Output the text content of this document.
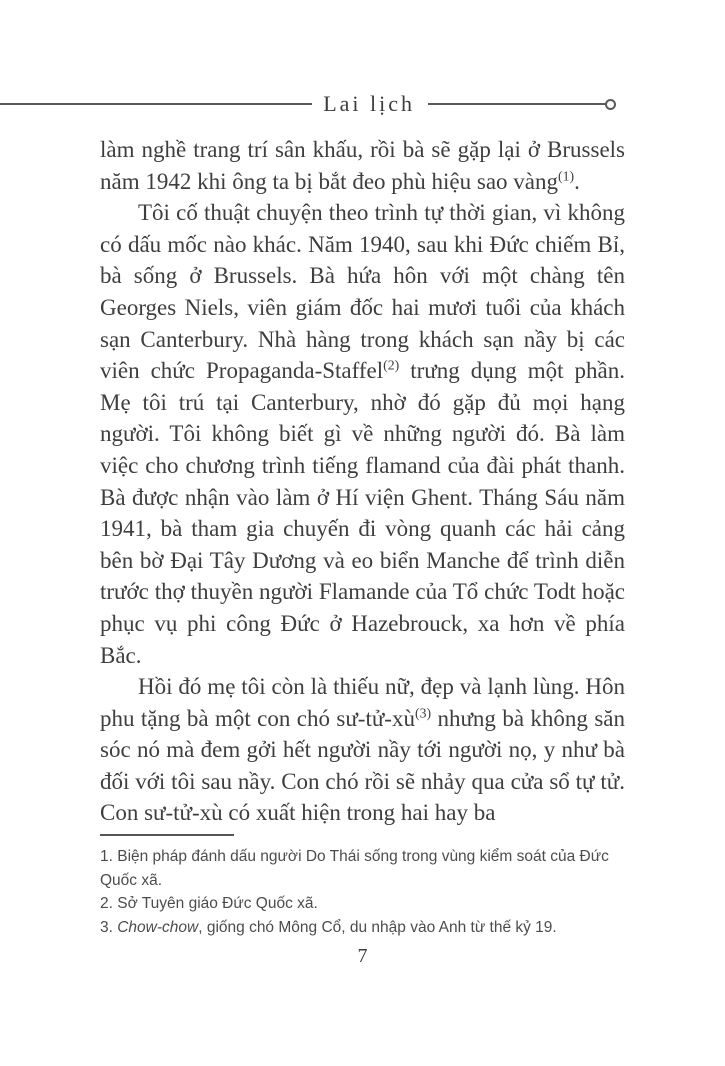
Lai lịch

làm nghề trang trí sân khấu, rồi bà sẽ gặp lại ở Brussels năm 1942 khi ông ta bị bắt đeo phù hiệu sao vàng$^{(1)}$.

Tôi cố thuật chuyện theo trình tự thời gian, vì không có dấu mốc nào khác. Năm 1940, sau khi Đức chiếm Bỉ, bà sống ở Brussels. Bà hứa hôn với một chàng tên Georges Niels, viên giám đốc hai mươi tuổi của khách sạn Canterbury. Nhà hàng trong khách sạn nầy bị các viên chức Propaganda-Staffel$^{(2)}$ trưng dụng một phần. Mẹ tôi trú tại Canterbury, nhờ đó gặp đủ mọi hạng người. Tôi không biết gì về những người đó. Bà làm việc cho chương trình tiếng flamand của đài phát thanh. Bà được nhận vào làm ở Hí viện Ghent. Tháng Sáu năm 1941, bà tham gia chuyến đi vòng quanh các hải cảng bên bờ Đại Tây Dương và eo biển Manche để trình diễn trước thợ thuyền người Flamande của Tổ chức Todt hoặc phục vụ phi công Đức ở Hazebrouck, xa hơn về phía Bắc.

Hồi đó mẹ tôi còn là thiếu nữ, đẹp và lạnh lùng. Hôn phu tặng bà một con chó $sư-tử-xù^{(3)}$ nhưng bà không săn sóc nó mà đem gởi hết người nầy tới người nọ, y như bà đối với tôi sau nầy. Con chó rồi sẽ nhảy qua cửa sổ tự tử. Con sư-tử-xù có xuất hiện trong hai hay ba

1. Biện pháp đánh dấu người Do Thái sống trong vùng kiểm soát của Đức Quốc xã.

2. Sở Tuyên giáo Đức Quốc xã.

3. Chow-chow, giống chó Mông Cổ, du nhập vào Anh từ thế kỷ 19.

7
